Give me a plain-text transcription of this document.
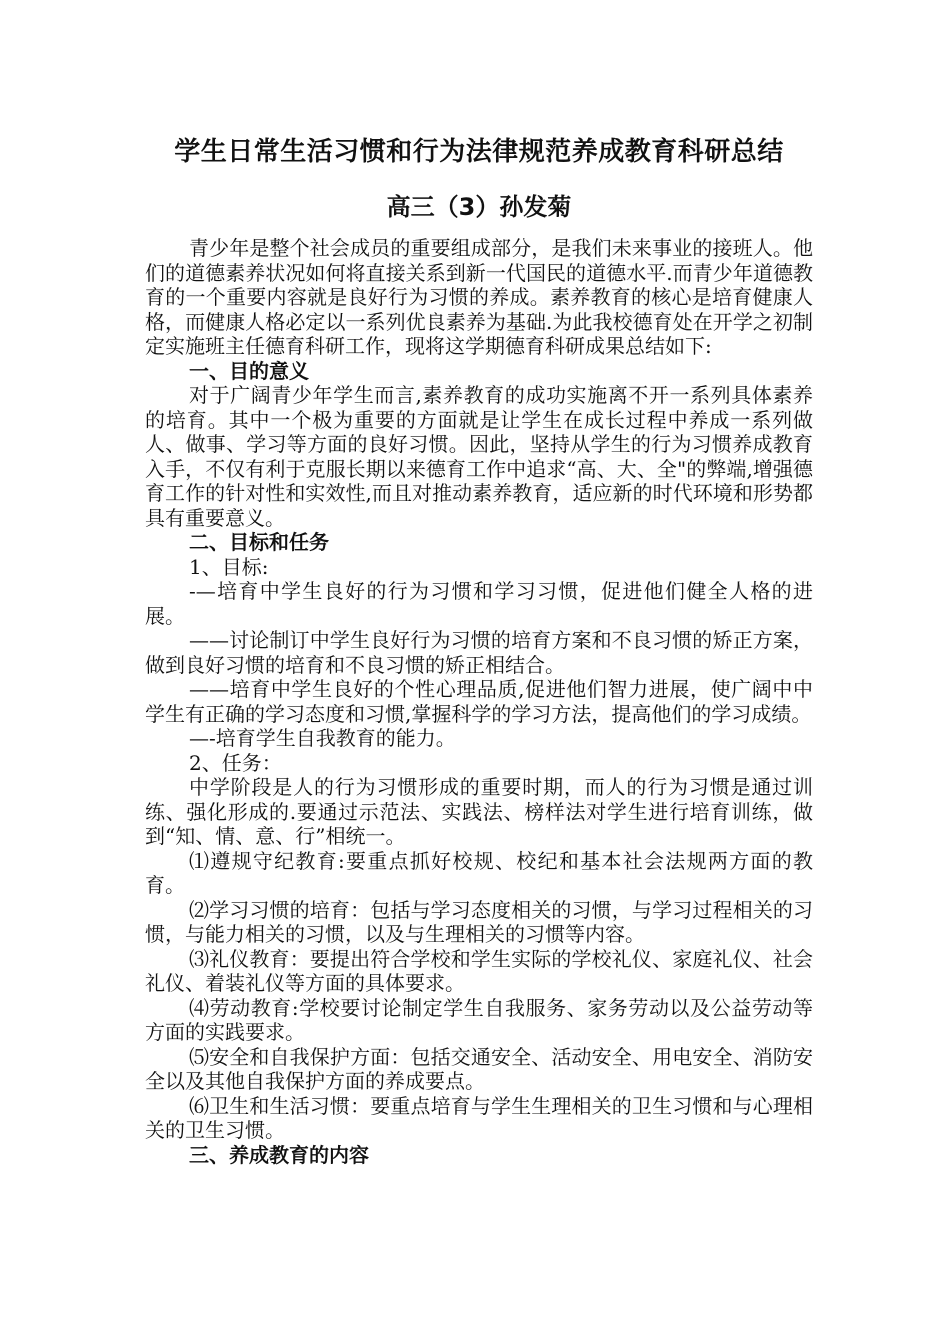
学生日常生活习惯和行为法律规范养成教育科研总结
高三（3）孙发菊

青少年是整个社会成员的重要组成部分，是我们未来事业的接班人。他们的道德素养状况如何将直接关系到新一代国民的道德水平.而青少年道德教育的一个重要内容就是良好行为习惯的养成。素养教育的核心是培育健康人格，而健康人格必定以一系列优良素养为基础.为此我校德育处在开学之初制定实施班主任德育科研工作，现将这学期德育科研成果总结如下:

一、目的意义

对于广阔青少年学生而言,素养教育的成功实施离不开一系列具体素养的培育。其中一个极为重要的方面就是让学生在成长过程中养成一系列做人、做事、学习等方面的良好习惯。因此，坚持从学生的行为习惯养成教育入手，不仅有利于克服长期以来德育工作中追求“高、大、全"的弊端,增强德育工作的针对性和实效性,而且对推动素养教育，适应新的时代环境和形势都具有重要意义。

二、目标和任务

1、目标:

-—培育中学生良好的行为习惯和学习习惯，促进他们健全人格的进展。

——讨论制订中学生良好行为习惯的培育方案和不良习惯的矫正方案，做到良好习惯的培育和不良习惯的矫正相结合。

——培育中学生良好的个性心理品质,促进他们智力进展，使广阔中中学生有正确的学习态度和习惯,掌握科学的学习方法，提高他们的学习成绩。

—-培育学生自我教育的能力。

2、任务：

中学阶段是人的行为习惯形成的重要时期，而人的行为习惯是通过训练、强化形成的.要通过示范法、实践法、榜样法对学生进行培育训练，做到“知、情、意、行”相统一。

⑴遵规守纪教育:要重点抓好校规、校纪和基本社会法规两方面的教育。

⑵学习习惯的培育：包括与学习态度相关的习惯，与学习过程相关的习惯，与能力相关的习惯，以及与生理相关的习惯等内容。

⑶礼仪教育：要提出符合学校和学生实际的学校礼仪、家庭礼仪、社会礼仪、着装礼仪等方面的具体要求。

⑷劳动教育:学校要讨论制定学生自我服务、家务劳动以及公益劳动等方面的实践要求。

⑸安全和自我保护方面：包括交通安全、活动安全、用电安全、消防安全以及其他自我保护方面的养成要点。

⑹卫生和生活习惯：要重点培育与学生生理相关的卫生习惯和与心理相关的卫生习惯。

三、养成教育的内容
